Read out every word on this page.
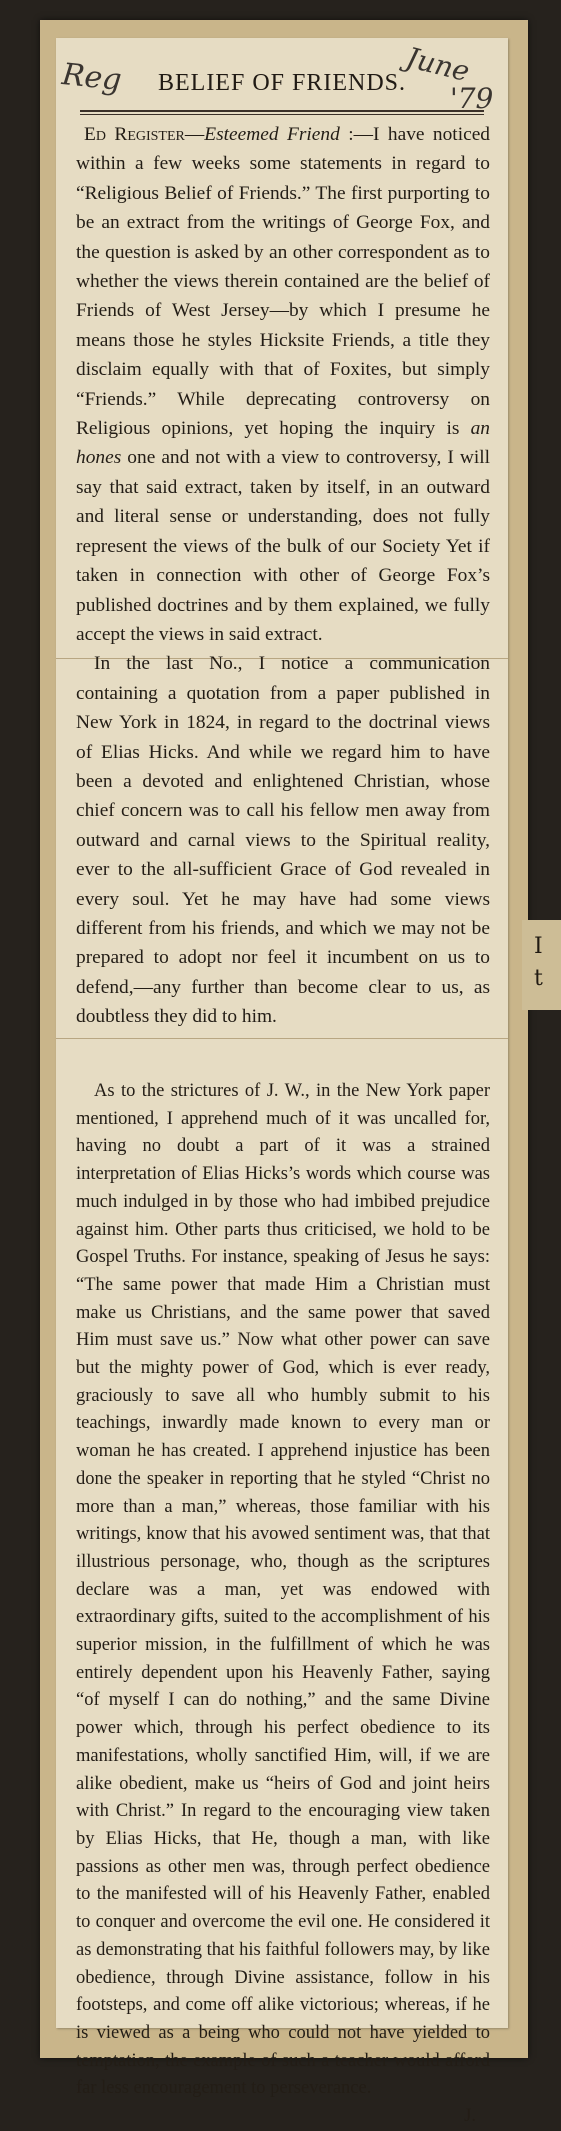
I
t
Reg	June
'79
BELIEF OF FRIENDS.

Ed Register—Esteemed Friend :—I have noticed within a few weeks some statements in regard to “Religious Belief of Friends.” The first purporting to be an extract from the writings of George Fox, and the question is asked by an other correspondent as to whether the views therein contained are the belief of Friends of West Jersey—by which I presume he means those he styles Hicksite Friends, a title they disclaim equally with that of Foxites, but simply “Friends.” While deprecating controversy on Religious opinions, yet hoping the inquiry is an hones one and not with a view to controversy, I will say that said extract, taken by itself, in an outward and literal sense or understanding, does not fully represent the views of the bulk of our Society Yet if taken in connection with other of George Fox’s published doctrines and by them explained, we fully accept the views in said extract.

In the last No., I notice a communication containing a quotation from a paper published in New York in 1824, in regard to the doctrinal views of Elias Hicks. And while we regard him to have been a devoted and enlightened Christian, whose chief concern was to call his fellow men away from outward and carnal views to the Spiritual reality, ever to the all-sufficient Grace of God revealed in every soul. Yet he may have had some views different from his friends, and which we may not be prepared to adopt nor feel it incumbent on us to defend,—any further than become clear to us, as doubtless they did to him.

As to the strictures of J. W., in the New York paper mentioned, I apprehend much of it was uncalled for, having no doubt a part of it was a strained interpretation of Elias Hicks’s words which course was much indulged in by those who had imbibed prejudice against him. Other parts thus criticised, we hold to be Gospel Truths. For instance, speaking of Jesus he says: “The same power that made Him a Christian must make us Christians, and the same power that saved Him must save us.” Now what other power can save but the mighty power of God, which is ever ready, graciously to save all who humbly submit to his teachings, inwardly made known to every man or woman he has created. I apprehend injustice has been done the speaker in reporting that he styled “Christ no more than a man,” whereas, those familiar with his writings, know that his avowed sentiment was, that that illustrious personage, who, though as the scriptures declare was a man, yet was endowed with extraordinary gifts, suited to the accomplishment of his superior mission, in the fulfillment of which he was entirely dependent upon his Heavenly Father, saying “of myself I can do nothing,” and the same Divine power which, through his perfect obedience to its manifestations, wholly sanctified Him, will, if we are alike obedient, make us “heirs of God and joint heirs with Christ.” In regard to the encouraging view taken by Elias Hicks, that He, though a man, with like passions as other men was, through perfect obedience to the manifested will of his Heavenly Father, enabled to conquer and overcome the evil one. He considered it as demonstrating that his faithful followers may, by like obedience, through Divine assistance, follow in his footsteps, and come off alike victorious; whereas, if he is viewed as a being who could not have yielded to temptation, the example of such a teacher would afford far less encouragement to perseverance.

J.
